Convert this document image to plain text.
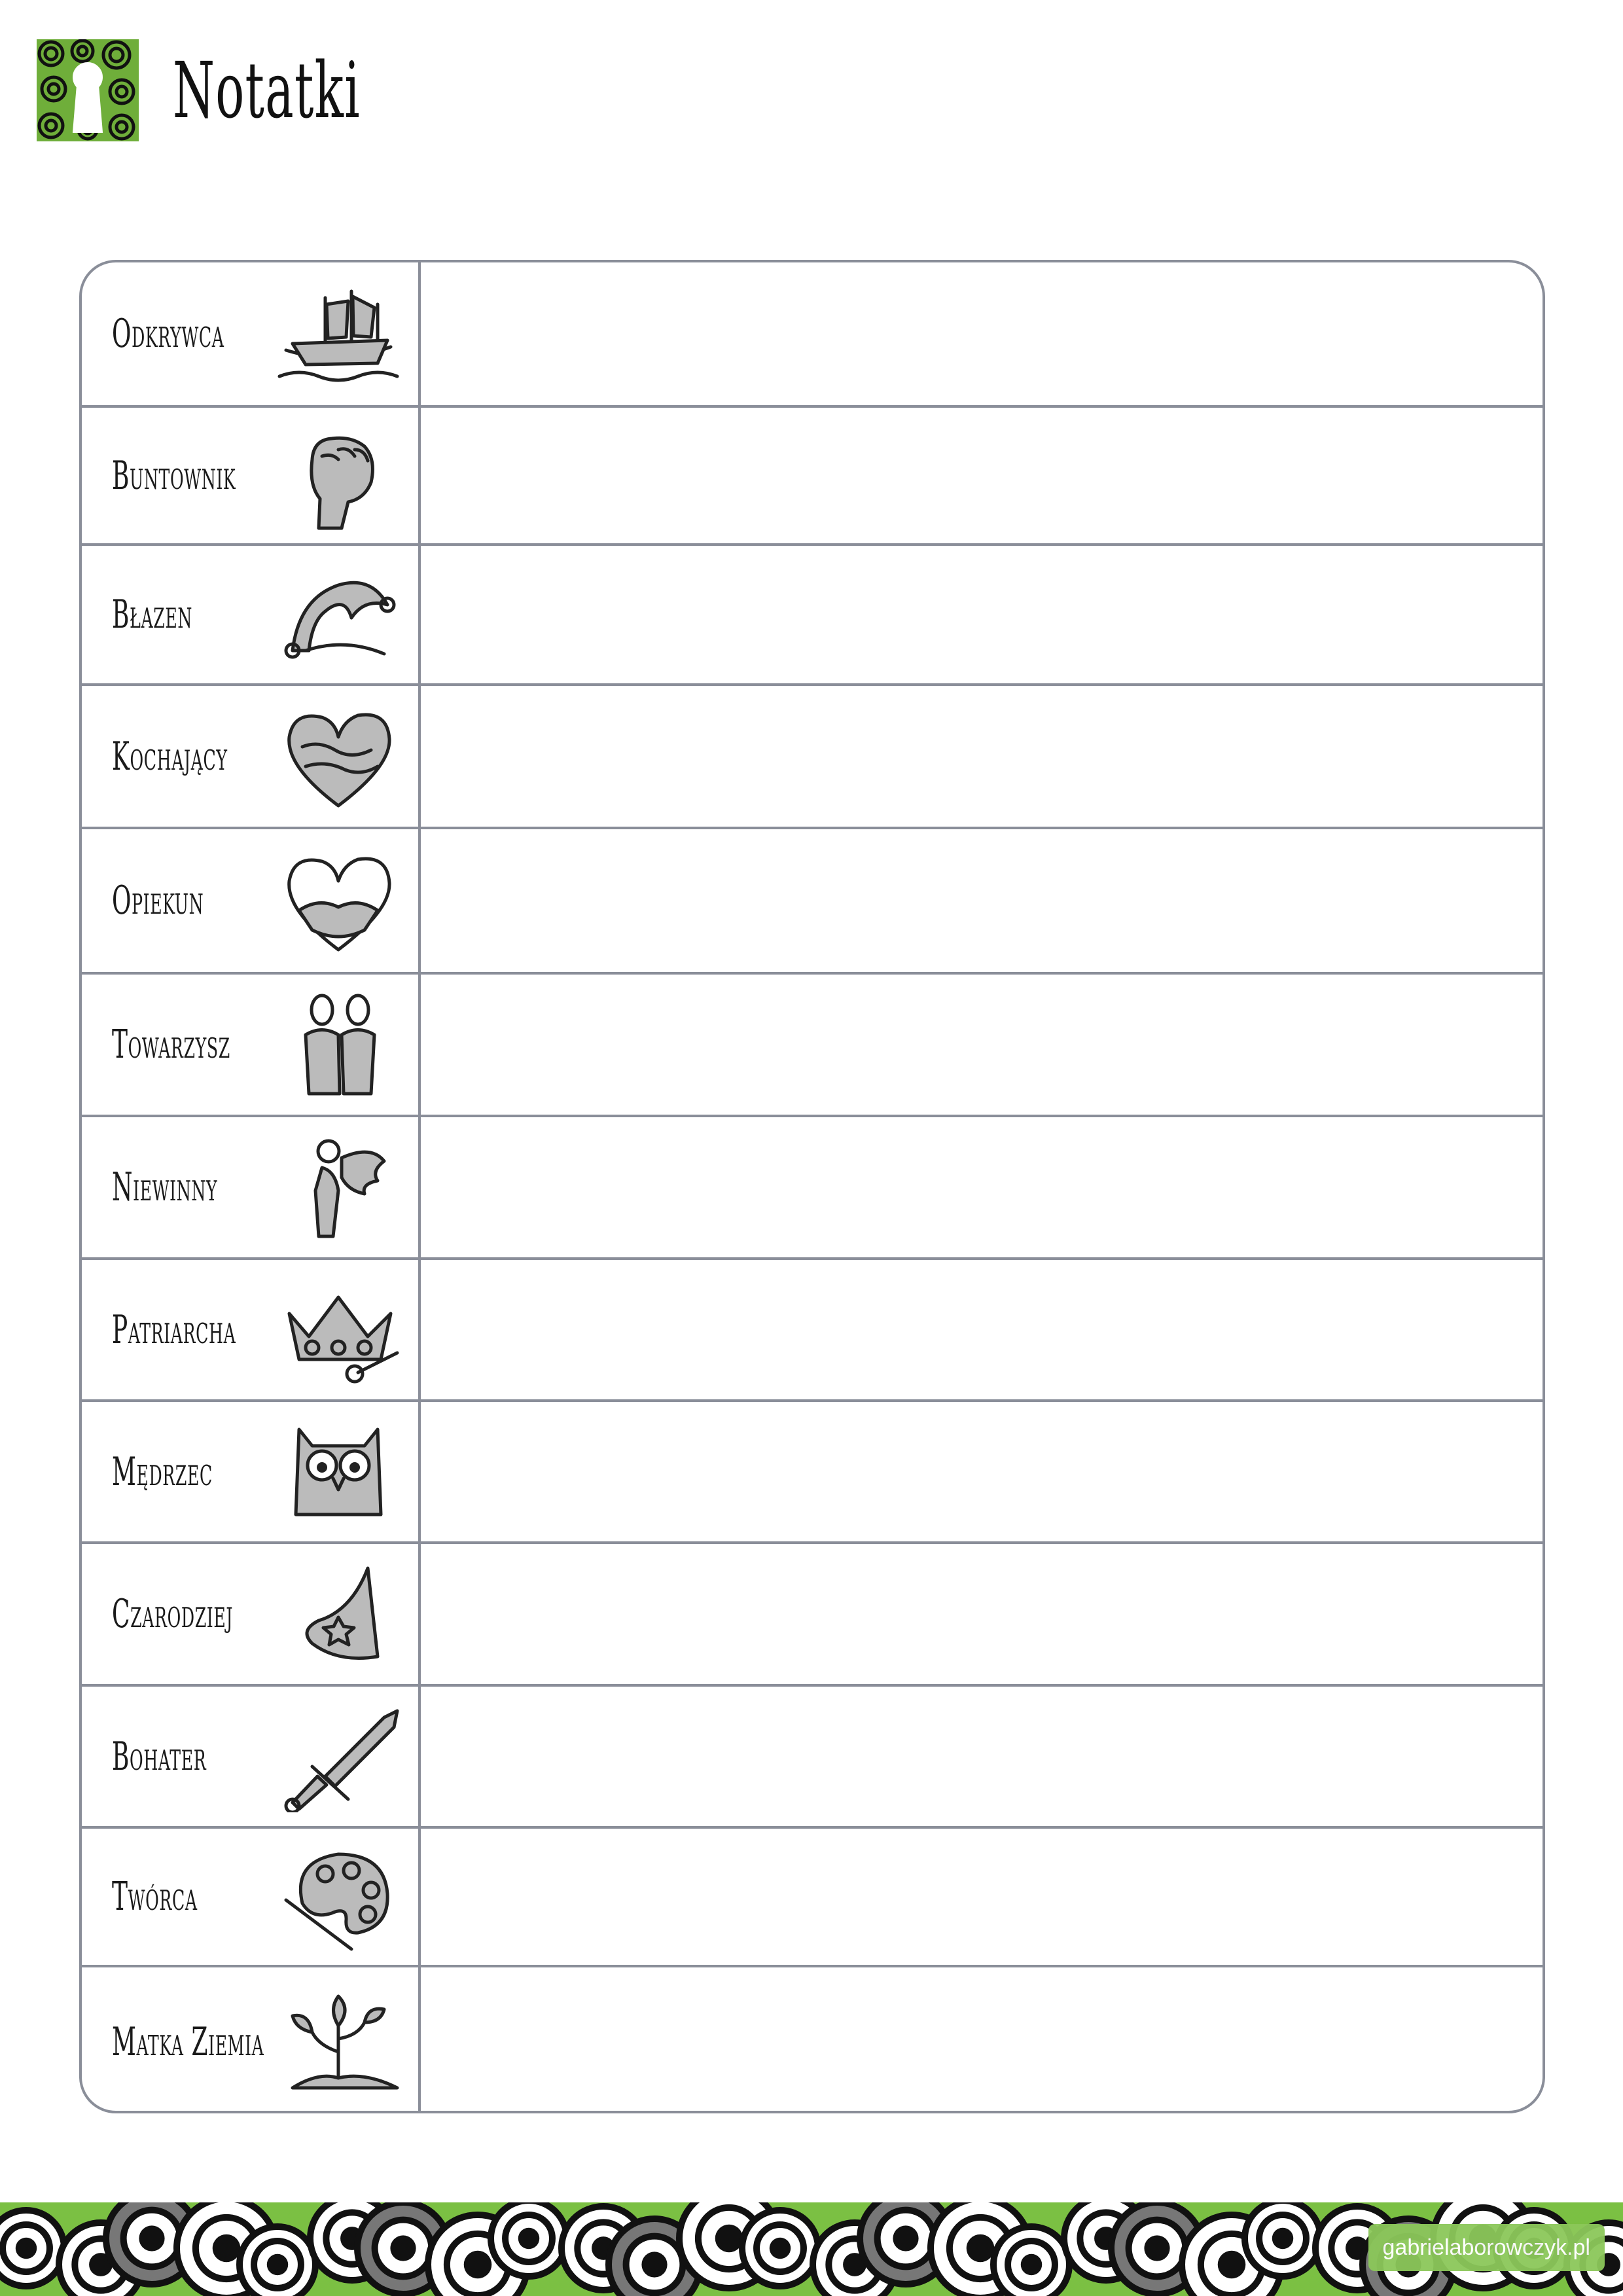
Notatki
Odkrywca
Buntownik
Błazen
Kochający
Opiekun
Towarzysz
Niewinny
Patriarcha
Mędrzec
Czarodziej
Bohater
Twórca
Matka Ziemia
gabrielaborowczyk.pl
